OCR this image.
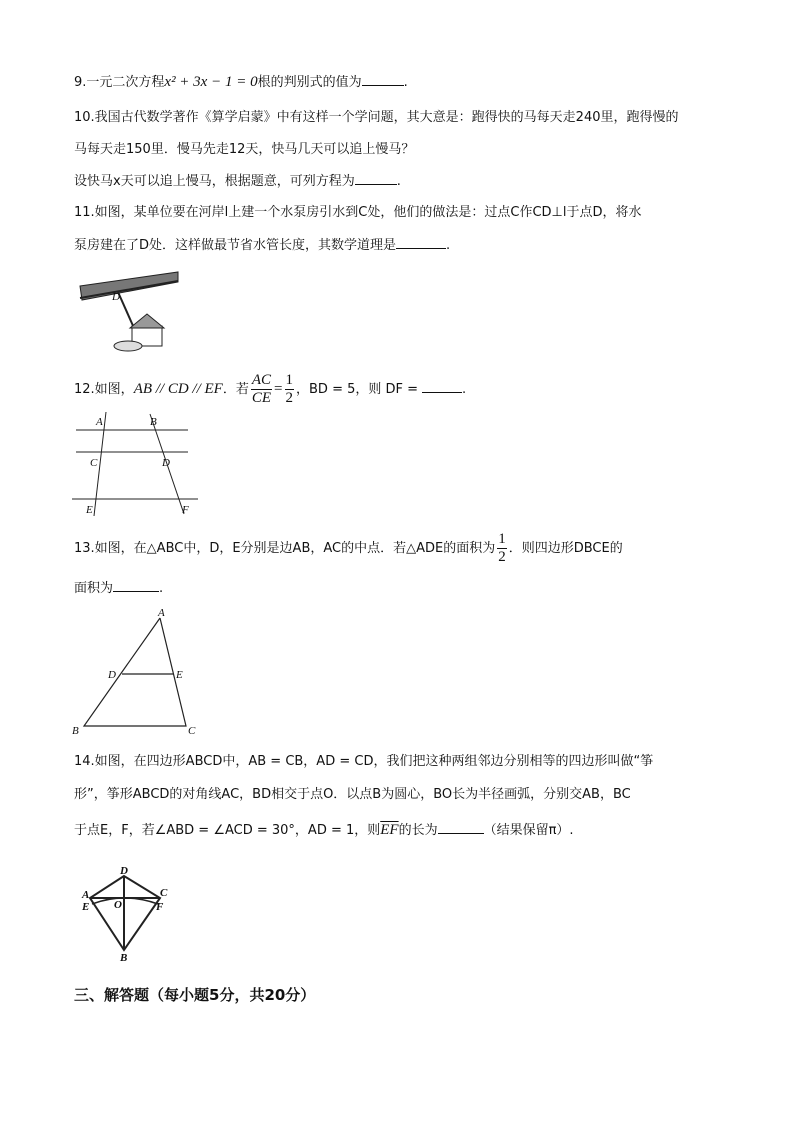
9.一元二次方程x² + 3x − 1 = 0根的判别式的值为	.
10.我国古代数学著作《算学启蒙》中有这样一个学问题，其大意是：跑得快的马每天走240里，跑得慢的
马每天走150里．慢马先走12天，快马几天可以追上慢马？
设快马x天可以追上慢马，根据题意，可列方程为	.
11.如图，某单位要在河岸l上建一个水泵房引水到C处，他们的做法是：过点C作CD⊥l于点D，将水
泵房建在了D处．这样做最节省水管长度，其数学道理是	.
D
12.如图，AB // CD // EF．若 $\frac{AC}{CE} = \frac{1}{2}$ ，BD = 5，则 DF =	.
A	B
C	D
E	F
13.如图，在△ABC中，D，E分别是边AB，AC的中点．若△ADE的面积为 $\frac{1}{2}$ ．则四边形DBCE的
面积为	.
A
D	E
B	C
14.如图，在四边形ABCD中，AB = CB，AD = CD，我们把这种两组邻边分别相等的四边形叫做“筝
形”，筝形ABCD的对角线AC，BD相交于点O．以点B为圆心，BO长为半径画弧，分别交AB，BC
于点E，F，若∠ABD = ∠ACD = 30°，AD = 1，则$\overline{EF}$的长为	（结果保留π）.
D
A
E O
C
F
B
三、解答题（每小题5分，共20分）
